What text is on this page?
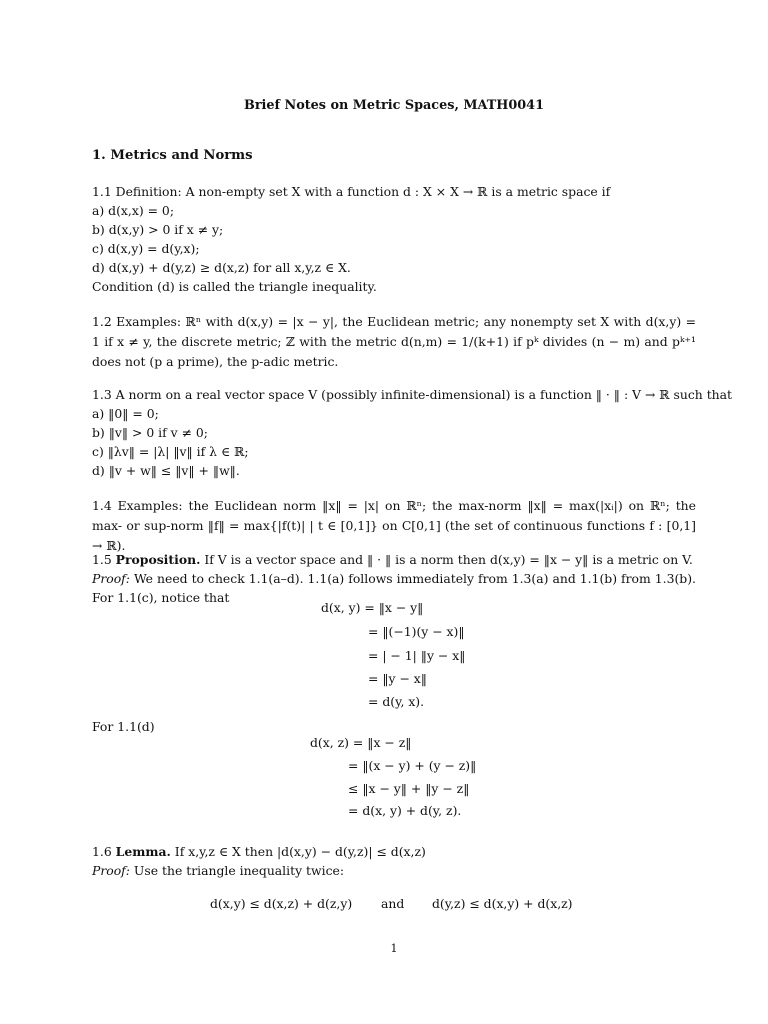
Brief Notes on Metric Spaces, MATH0041
1. Metrics and Norms
1.1 Definition: A non-empty set X with a function d : X × X → ℝ is a metric space if
a) d(x,x) = 0;
b) d(x,y) > 0 if x ≠ y;
c) d(x,y) = d(y,x);
d) d(x,y) + d(y,z) ≥ d(x,z) for all x,y,z ∈ X.
Condition (d) is called the triangle inequality.
1.2 Examples: ℝⁿ with d(x,y) = |x − y|, the Euclidean metric; any nonempty set X with d(x,y) = 1 if x ≠ y, the discrete metric; ℤ with the metric d(n,m) = 1/(k+1) if pᵏ divides (n − m) and pᵏ⁺¹ does not (p a prime), the p-adic metric.
1.3 A norm on a real vector space V (possibly infinite-dimensional) is a function ‖ · ‖ : V → ℝ such that
a) ‖0‖ = 0;
b) ‖v‖ > 0 if v ≠ 0;
c) ‖λv‖ = |λ| ‖v‖ if λ ∈ ℝ;
d) ‖v + w‖ ≤ ‖v‖ + ‖w‖.
1.4 Examples: the Euclidean norm ‖x‖ = |x| on ℝⁿ; the max-norm ‖x‖ = max(|xᵢ|) on ℝⁿ; the max- or sup-norm ‖f‖ = max{|f(t)| | t ∈ [0,1]} on C[0,1] (the set of continuous functions f : [0,1] → ℝ).
1.5 Proposition. If V is a vector space and ‖ · ‖ is a norm then d(x,y) = ‖x − y‖ is a metric on V.
Proof: We need to check 1.1(a–d). 1.1(a) follows immediately from 1.3(a) and 1.1(b) from 1.3(b). For 1.1(c), notice that
d(x, y) = ‖x − y‖
= ‖(−1)(y − x)‖
= | − 1| ‖y − x‖
= ‖y − x‖
= d(y, x).
For 1.1(d)
d(x, z) = ‖x − z‖
= ‖(x − y) + (y − z)‖
≤ ‖x − y‖ + ‖y − z‖
= d(x, y) + d(y, z).
1.6 Lemma. If x,y,z ∈ X then |d(x,y) − d(y,z)| ≤ d(x,z)
Proof: Use the triangle inequality twice:
d(x,y) ≤ d(x,z) + d(z,y) and d(y,z) ≤ d(x,y) + d(x,z)
1
